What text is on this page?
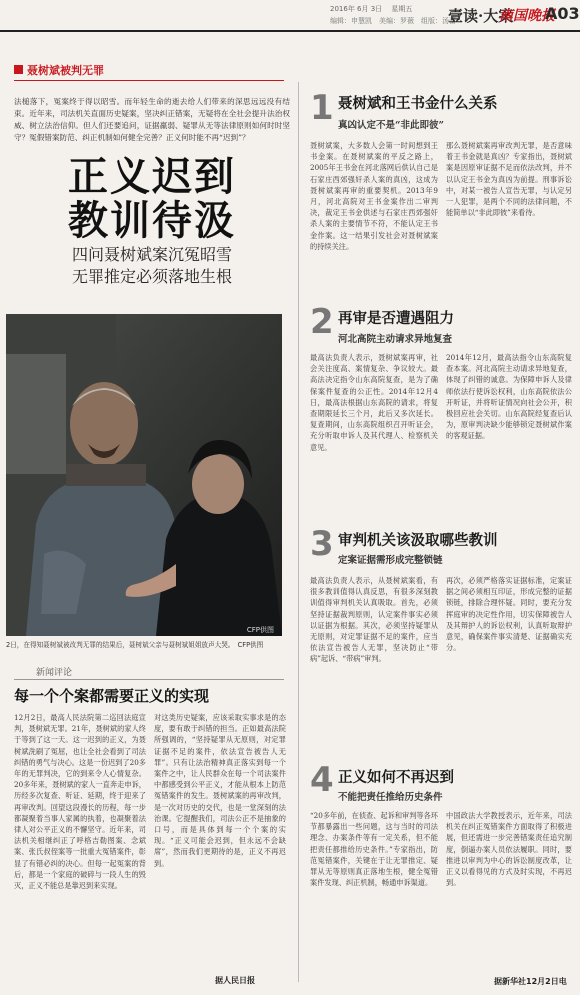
2016年 6月 3日 　星期五
编辑：申慧凯　美编：罗薇　组版：汤蕾
壹读·大案
南国晚报
A03
聂树斌被判无罪
法槌落下，冤案终于得以昭雪。而年轻生命的逝去给人们带来的深思远远没有结束。近年来，司法机关直面历史疑案，坚决纠正错案，无疑将在全社会提升法治权威、树立法治信仰。但人们还要追问，证据羸弱、疑罪从无等法律原则如何时时坚守？冤假错案防范、纠正机制如何健全完善？正义何时能不再“迟到”？
正义迟到
教训待汲
四问聂树斌案沉冤昭雪
无罪推定必须落地生根
CFP供图
2日，在得知聂树斌被改判无罪的结果后，聂树斌父亲与聂树斌姐姐放声大哭。　CFP供图
新闻评论
每一个个案都需要正义的实现
12月2日，最高人民法院第二巡回法庭宣判，聂树斌无罪。21年，聂树斌的家人终于等到了这一天。这一迟到的正义，为聂树斌洗刷了冤屈，也让全社会看到了司法纠错的勇气与决心。这是一份迟到了20多年的无罪判决，它的到来令人心情复杂。20多年来，聂树斌的家人一直奔走申诉，历经多次复查、听证、延期，终于迎来了再审改判。回望这段漫长的历程，每一步都凝聚着当事人家属的执着，也凝聚着法律人对公平正义的不懈坚守。近年来，司法机关相继纠正了呼格吉勒图案、念斌案、张氏叔侄案等一批重大冤错案件，彰显了有错必纠的决心。但每一起冤案的背后，都是一个家庭的破碎与一段人生的毁灭，正义不能总是靠迟到来实现。
对这类历史疑案，应该采取实事求是的态度，要有敢于纠错的担当。正如最高法院所强调的，“坚持疑罪从无原则，对定罪证据不足的案件，依法宣告被告人无罪”。只有让法治精神真正落实到每一个案件之中，让人民群众在每一个司法案件中都感受到公平正义，才能从根本上防范冤错案件的发生。聂树斌案的再审改判，是一次对历史的交代，也是一堂深刻的法治课。它提醒我们，司法公正不是抽象的口号，而是具体到每一个个案的实现。“正义可能会迟到，但永远不会缺席”，然而我们更期待的是，正义不再迟到。
据人民日报
1 聂树斌和王书金什么关系
真凶认定不是“非此即彼”
聂树斌案，大多数人会第一时间想到王书金案。在聂树斌案的平反之路上，2005年王书金在河北落网后供认自己是石家庄西郊强奸杀人案的真凶，这成为聂树斌案再审的重要契机。2013年9月，河北高院对王书金案作出二审判决，裁定王书金供述与石家庄西郊强奸杀人案的主要情节不符，不能认定王书金作案。这一结果引发社会对聂树斌案的持续关注。
那么聂树斌案再审改判无罪，是否意味着王书金就是真凶？专家指出，聂树斌案是因原审证据不足而依法改判，并不以认定王书金为真凶为前提。刑事诉讼中，对某一被告人宣告无罪，与认定另一人犯罪，是两个不同的法律问题，不能简单以“非此即彼”来看待。
2 再审是否遭遇阻力
河北高院主动请求异地复查
最高法负责人表示，聂树斌案再审，社会关注度高、案情复杂、争议较大。最高法决定指令山东高院复查，是为了确保案件复查的公正性。2014年12月4日，最高法根据山东高院的请求，将复查期限延长三个月，此后又多次延长。复查期间，山东高院组织召开听证会，充分听取申诉人及其代理人、检察机关意见。
2014年12月，最高法指令山东高院复查本案。河北高院主动请求异地复查，体现了纠错的诚意。为保障申诉人及律师依法行使诉讼权利，山东高院依法公开听证，并将听证情况向社会公开，积极回应社会关切。山东高院经复查后认为，原审判决缺少能够锁定聂树斌作案的客观证据。
3 审判机关该汲取哪些教训
定案证据需形成完整锁链
最高法负责人表示，从聂树斌案看，有很多教训值得认真反思，有很多深刻教训值得审判机关认真吸取。首先，必须坚持证据裁判原则，认定案件事实必须以证据为根据。其次，必须坚持疑罪从无原则，对定罪证据不足的案件，应当依法宣告被告人无罪，坚决防止“带病”起诉、“带病”审判。
再次，必须严格落实证据标准，定案证据之间必须相互印证，形成完整的证据锁链，排除合理怀疑。同时，要充分发挥庭审的决定性作用，切实保障被告人及其辩护人的诉讼权利，认真听取辩护意见，确保案件事实清楚、证据确实充分。
4 正义如何不再迟到
不能把责任推给历史条件
“20多年前，在侦查、起诉和审判等各环节都暴露出一些问题，这与当时的司法理念、办案条件等有一定关系，但不能把责任都推给历史条件。”专家指出，防范冤错案件，关键在于让无罪推定、疑罪从无等原则真正落地生根，健全冤错案件发现、纠正机制，畅通申诉渠道。
中国政法大学教授表示，近年来，司法机关在纠正冤错案件方面取得了积极进展，但还需进一步完善错案责任追究制度，倒逼办案人员依法履职。同时，要推进以审判为中心的诉讼制度改革，让正义以看得见的方式及时实现，不再迟到。
据新华社12月2日电
